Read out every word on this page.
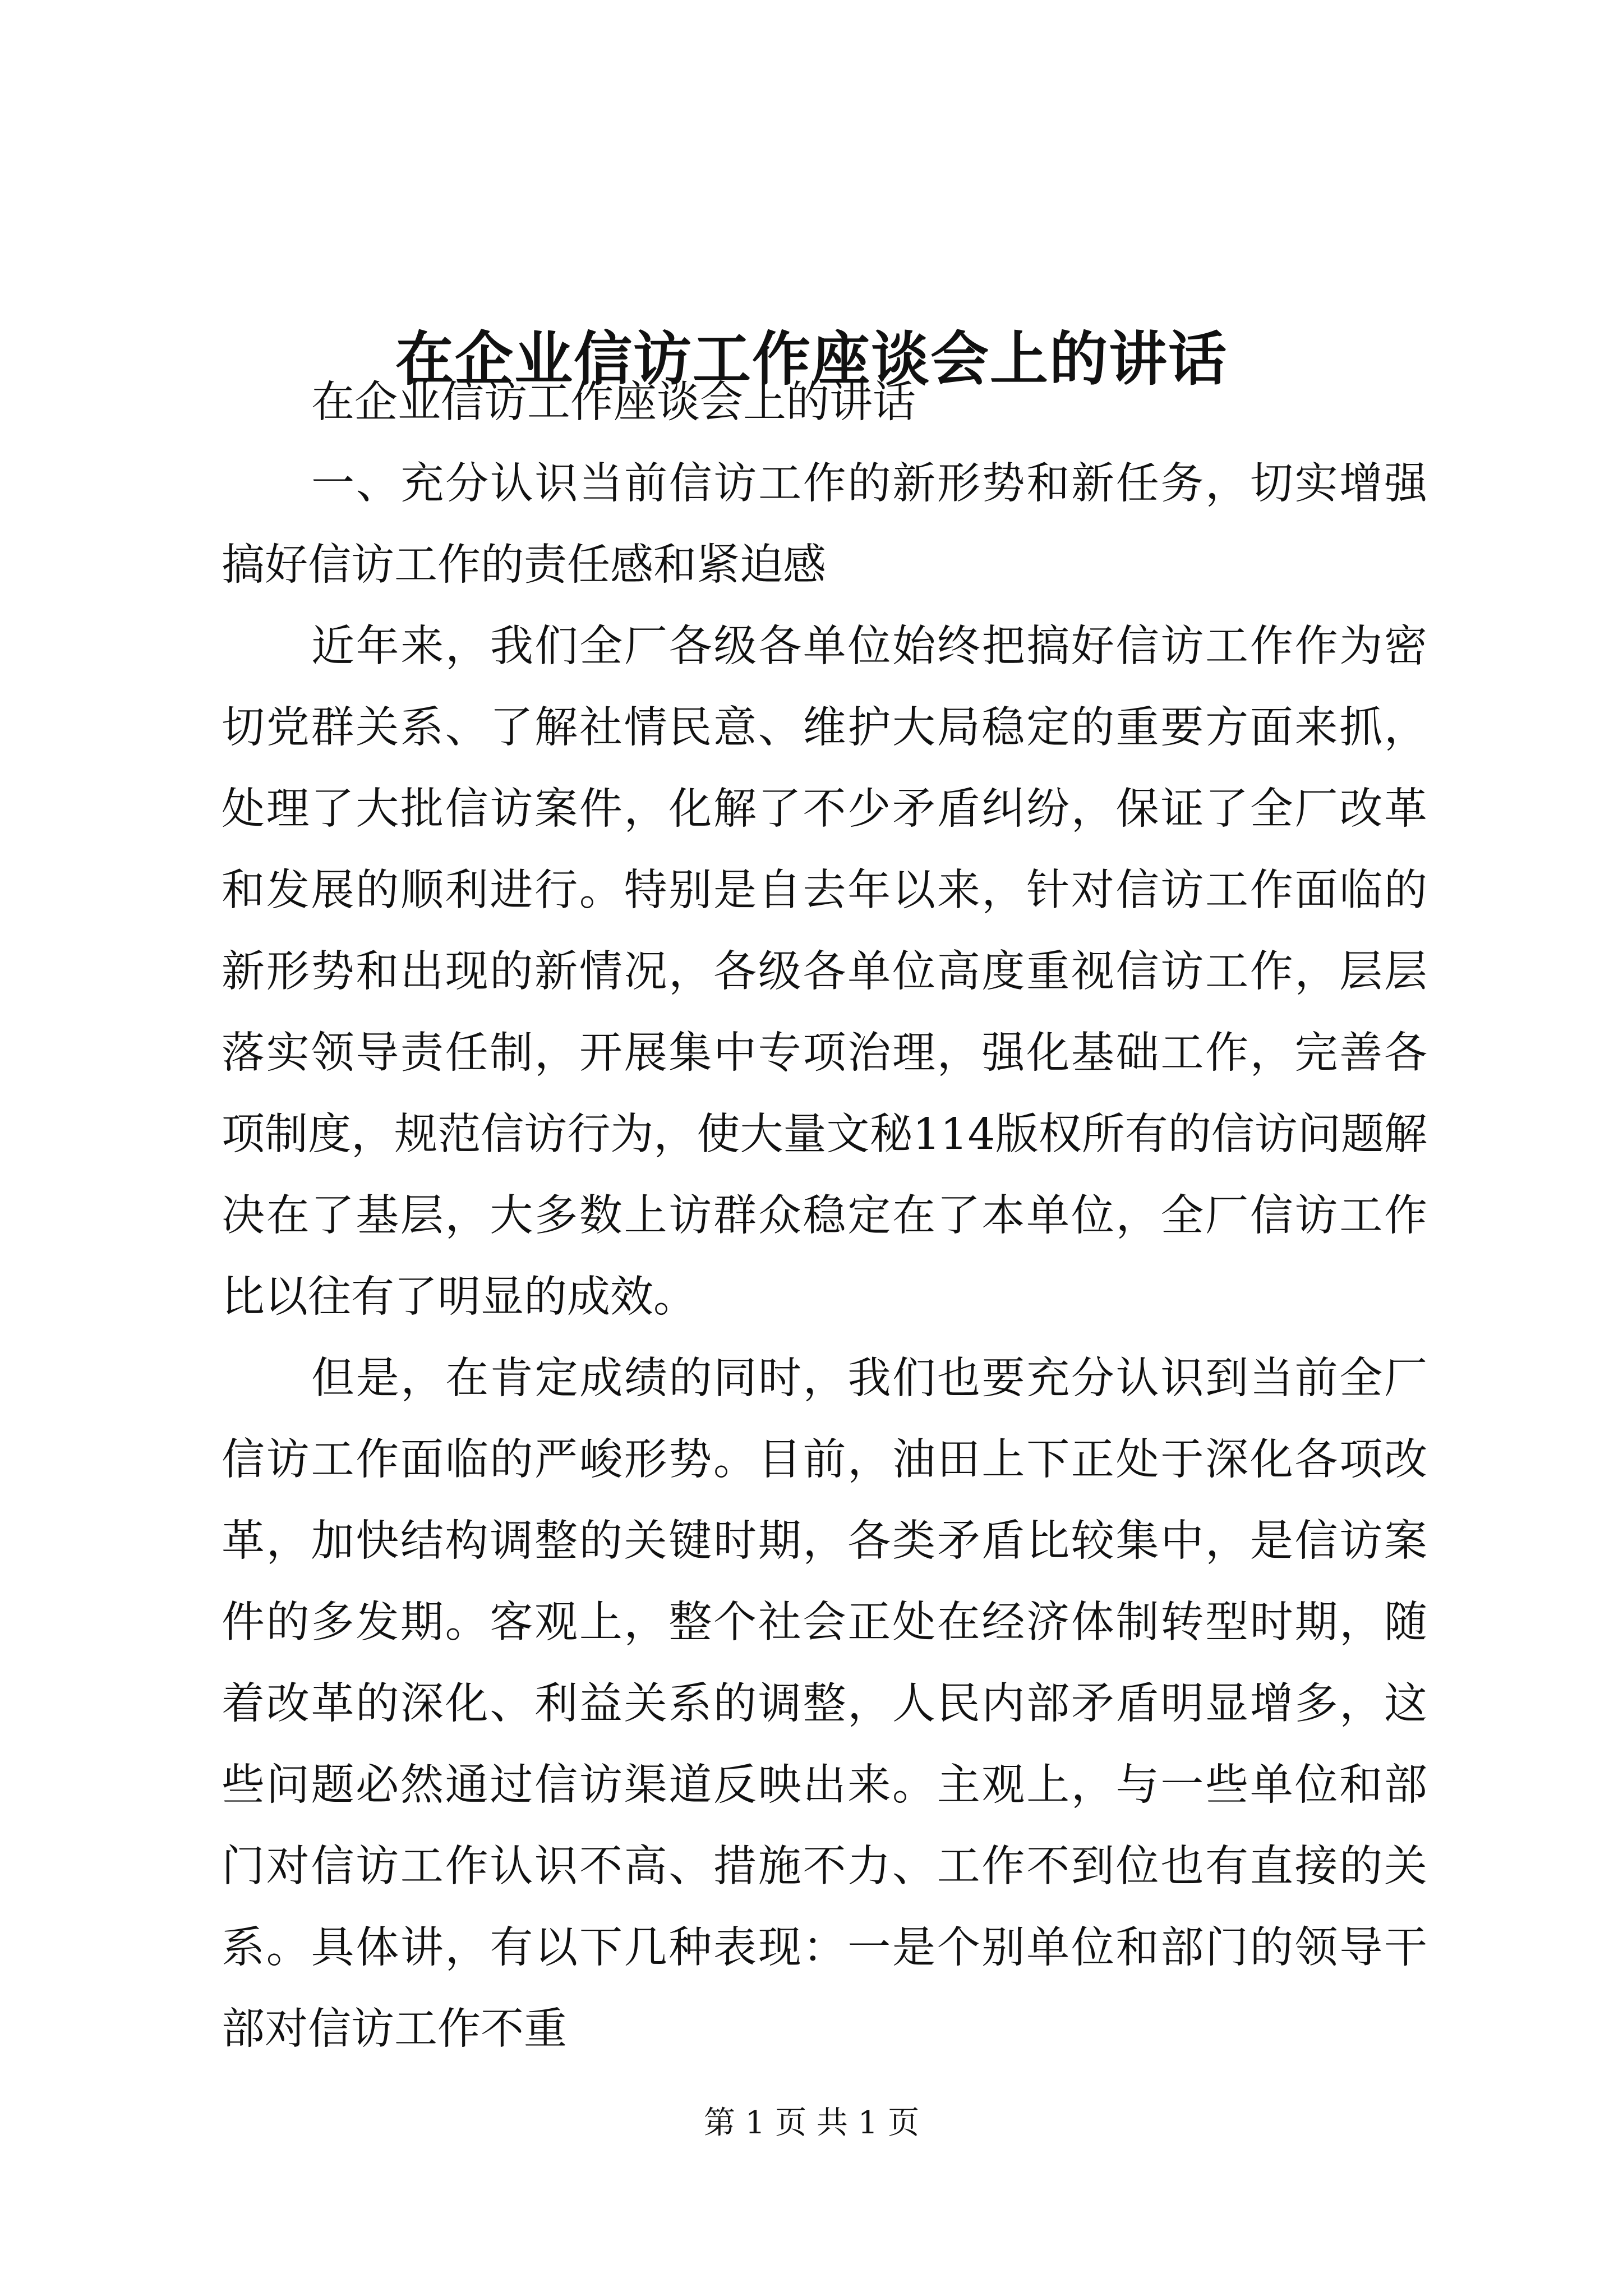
在企业信访工作座谈会上的讲话

在企业信访工作座谈会上的讲话

一、充分认识当前信访工作的新形势和新任务，切实增强搞好信访工作的责任感和紧迫感

近年来，我们全厂各级各单位始终把搞好信访工作作为密切党群关系、了解社情民意、维护大局稳定的重要方面来抓，处理了大批信访案件，化解了不少矛盾纠纷，保证了全厂改革和发展的顺利进行。特别是自去年以来，针对信访工作面临的新形势和出现的新情况，各级各单位高度重视信访工作，层层落实领导责任制，开展集中专项治理，强化基础工作，完善各项制度，规范信访行为，使大量文秘114版权所有的信访问题解决在了基层，大多数上访群众稳定在了本单位，全厂信访工作比以往有了明显的成效。

但是，在肯定成绩的同时，我们也要充分认识到当前全厂信访工作面临的严峻形势。目前，油田上下正处于深化各项改革，加快结构调整的关键时期，各类矛盾比较集中，是信访案件的多发期。客观上，整个社会正处在经济体制转型时期，随着改革的深化、利益关系的调整，人民内部矛盾明显增多，这些问题必然通过信访渠道反映出来。主观上，与一些单位和部门对信访工作认识不高、措施不力、工作不到位也有直接的关系。具体讲，有以下几种表现：一是个别单位和部门的领导干部对信访工作不重

第 1 页 共 1 页
